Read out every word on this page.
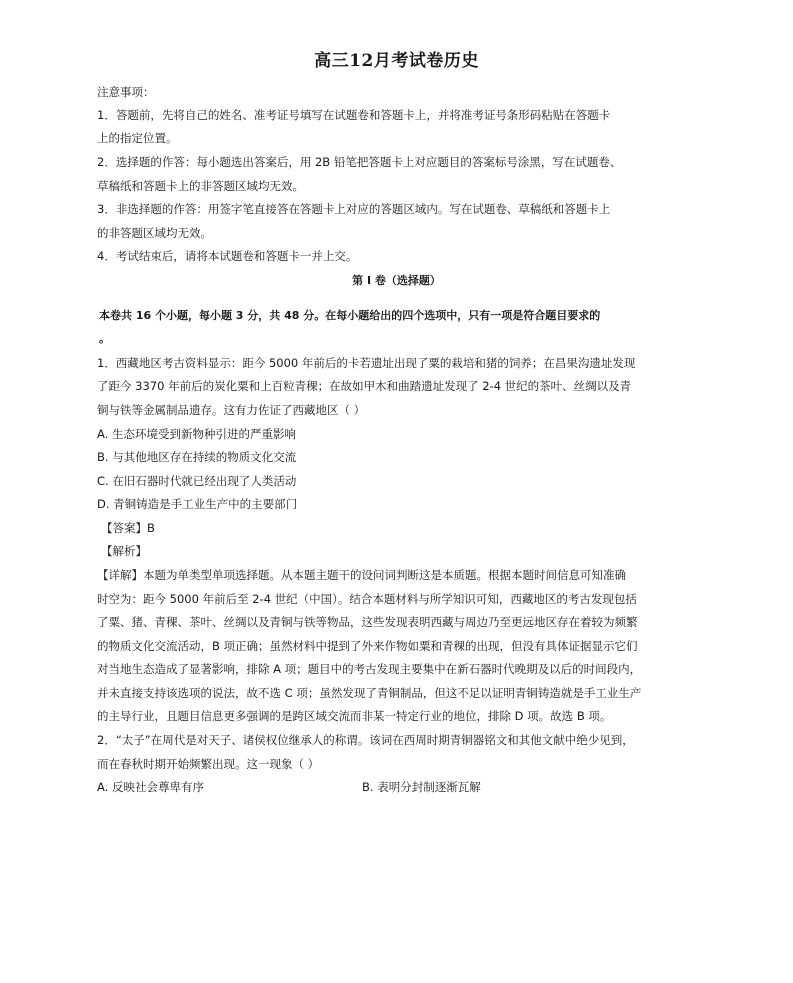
高三12月考试卷历史
注意事项：
1．答题前，先将自己的姓名、准考证号填写在试题卷和答题卡上，并将准考证号条形码粘贴在答题卡
上的指定位置。
2．选择题的作答：每小题选出答案后，用 2B 铅笔把答题卡上对应题目的答案标号涂黑，写在试题卷、
草稿纸和答题卡上的非答题区域均无效。
3．非选择题的作答：用签字笔直接答在答题卡上对应的答题区域内。写在试题卷、草稿纸和答题卡上
的非答题区域均无效。
4．考试结束后，请将本试题卷和答题卡一并上交。
第 I 卷（选择题）
本卷共 16 个小题，每小题 3 分，共 48 分。在每小题给出的四个选项中，只有一项是符合题目要求的
。
1．西藏地区考古资料显示：距今 5000 年前后的卡若遗址出现了粟的栽培和猪的饲养；在昌果沟遗址发现
了距今 3370 年前后的炭化粟和上百粒青稞；在故如甲木和曲踏遗址发现了 2-4 世纪的茶叶、丝绸以及青
铜与铁等金属制品遗存。这有力佐证了西藏地区（ ）
A. 生态环境受到新物种引进的严重影响
B. 与其他地区存在持续的物质文化交流
C. 在旧石器时代就已经出现了人类活动
D. 青铜铸造是手工业生产中的主要部门
【答案】B
【解析】
【详解】本题为单类型单项选择题。从本题主题干的设问词判断这是本质题。根据本题时间信息可知准确
时空为：距今 5000 年前后至 2-4 世纪（中国）。结合本题材料与所学知识可知，西藏地区的考古发现包括
了粟、猪、青稞、茶叶、丝绸以及青铜与铁等物品，这些发现表明西藏与周边乃至更远地区存在着较为频繁
的物质文化交流活动，B 项正确；虽然材料中提到了外来作物如粟和青稞的出现，但没有具体证据显示它们
对当地生态造成了显著影响，排除 A 项；题目中的考古发现主要集中在新石器时代晚期及以后的时间段内，
并未直接支持该选项的说法，故不选 C 项；虽然发现了青铜制品，但这不足以证明青铜铸造就是手工业生产
的主导行业，且题目信息更多强调的是跨区域交流而非某一特定行业的地位，排除 D 项。故选 B 项。
2．“太子”在周代是对天子、诸侯权位继承人的称谓。该词在西周时期青铜器铭文和其他文献中绝少见到，
而在春秋时期开始频繁出现。这一现象（ ）
A. 反映社会尊卑有序	B. 表明分封制逐渐瓦解
